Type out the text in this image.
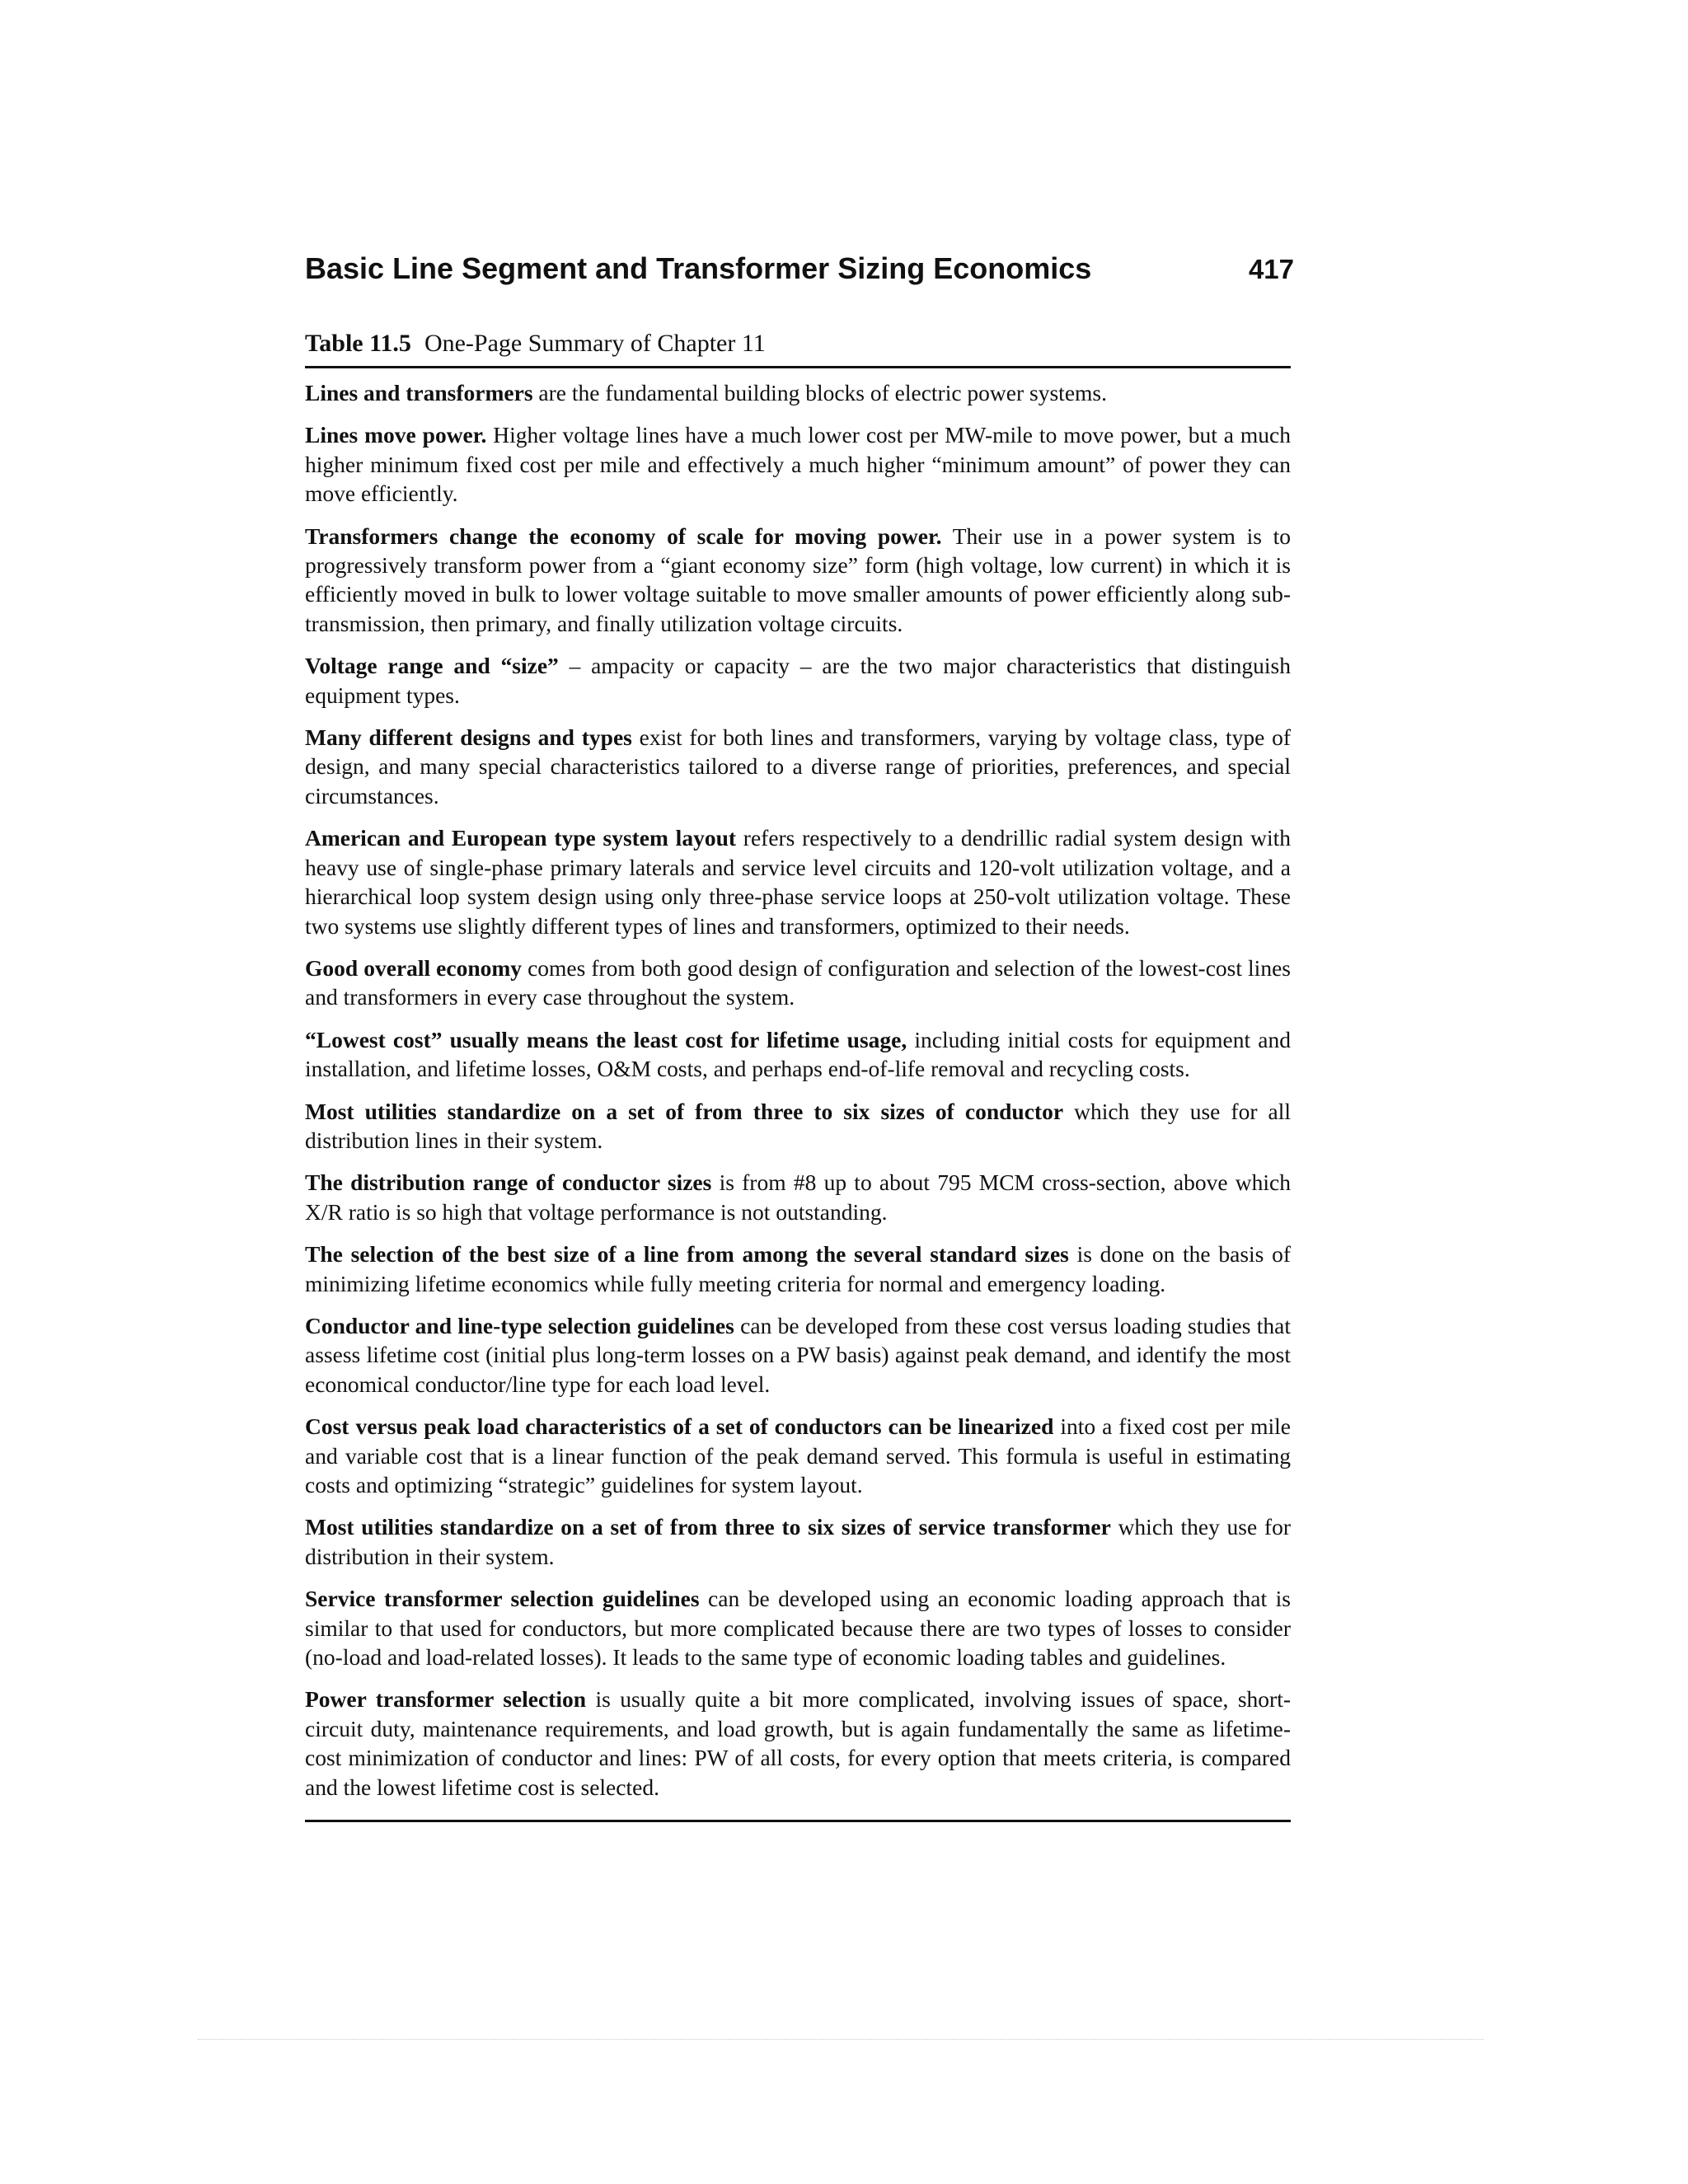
Basic Line Segment and Transformer Sizing Economics	417

Table 11.5 One-Page Summary of Chapter 11

Lines and transformers are the fundamental building blocks of electric power systems.
Lines move power. Higher voltage lines have a much lower cost per MW-mile to move power, but a much higher minimum fixed cost per mile and effectively a much higher “minimum amount” of power they can move efficiently.
Transformers change the economy of scale for moving power. Their use in a power system is to progressively transform power from a “giant economy size” form (high voltage, low current) in which it is efficiently moved in bulk to lower voltage suitable to move smaller amounts of power efficiently along sub-transmission, then primary, and finally utilization voltage circuits.
Voltage range and “size” – ampacity or capacity – are the two major characteristics that distinguish equipment types.
Many different designs and types exist for both lines and transformers, varying by voltage class, type of design, and many special characteristics tailored to a diverse range of priorities, preferences, and special circumstances.
American and European type system layout refers respectively to a dendrillic radial system design with heavy use of single-phase primary laterals and service level circuits and 120-volt utilization voltage, and a hierarchical loop system design using only three-phase service loops at 250-volt utilization voltage. These two systems use slightly different types of lines and transformers, optimized to their needs.
Good overall economy comes from both good design of configuration and selection of the lowest-cost lines and transformers in every case throughout the system.
“Lowest cost” usually means the least cost for lifetime usage, including initial costs for equipment and installation, and lifetime losses, O&M costs, and perhaps end-of-life removal and recycling costs.
Most utilities standardize on a set of from three to six sizes of conductor which they use for all distribution lines in their system.
The distribution range of conductor sizes is from #8 up to about 795 MCM cross-section, above which X/R ratio is so high that voltage performance is not outstanding.
The selection of the best size of a line from among the several standard sizes is done on the basis of minimizing lifetime economics while fully meeting criteria for normal and emergency loading.
Conductor and line-type selection guidelines can be developed from these cost versus loading studies that assess lifetime cost (initial plus long-term losses on a PW basis) against peak demand, and identify the most economical conductor/line type for each load level.
Cost versus peak load characteristics of a set of conductors can be linearized into a fixed cost per mile and variable cost that is a linear function of the peak demand served. This formula is useful in estimating costs and optimizing “strategic” guidelines for system layout.
Most utilities standardize on a set of from three to six sizes of service transformer which they use for distribution in their system.
Service transformer selection guidelines can be developed using an economic loading approach that is similar to that used for conductors, but more complicated because there are two types of losses to consider (no-load and load-related losses). It leads to the same type of economic loading tables and guidelines.
Power transformer selection is usually quite a bit more complicated, involving issues of space, short-circuit duty, maintenance requirements, and load growth, but is again fundamentally the same as lifetime-cost minimization of conductor and lines: PW of all costs, for every option that meets criteria, is compared and the lowest lifetime cost is selected.
